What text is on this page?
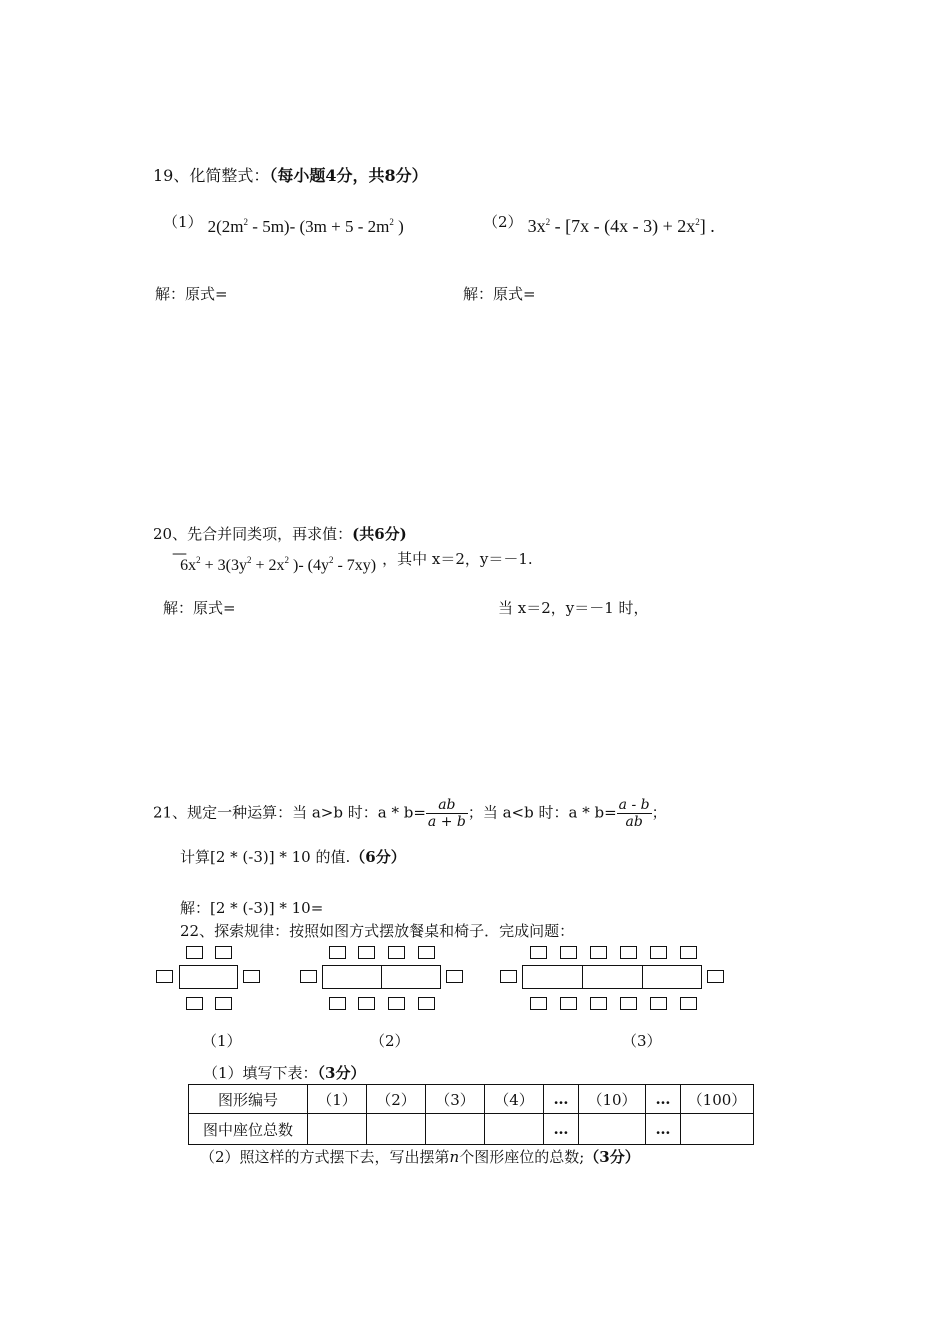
19、化简整式：（每小题4分，共8分）
（1） $2(2m^2 - 5m)-$ ($3m + 5 - 2m^2$ )	（2） $3x^2 - [7x - (4x - 3) + 2x^2]$ .
解：原式=	解：原式=
20、先合并同类项，再求值：(共6分)
— $6x^2 + 3(3y^2 + 2x^2$ )- $(4y^2 - 7xy)$ ，其中 x＝2，y＝－1.
解：原式=	当 x＝2，y＝－1 时，
21、规定一种运算：当 a>b 时：$a * b= \frac{ab}{a + b}$ ；当 a<b 时：$a * b= \frac{a - b}{ab}$ ；
计算[2 * (-3)] * 10 的值.（6分）
解：[2 * (-3)] * 10=
22、探索规律：按照如图方式摆放餐桌和椅子．完成问题：
（1）	（2）	（3）
（1）填写下表：（3分）
图形编号	（1）	（2）	（3）	（4）	…	（10）	…	（100）
图中座位总数					…		…	
（2）照这样的方式摆下去，写出摆第n个图形座位的总数;（3分）
